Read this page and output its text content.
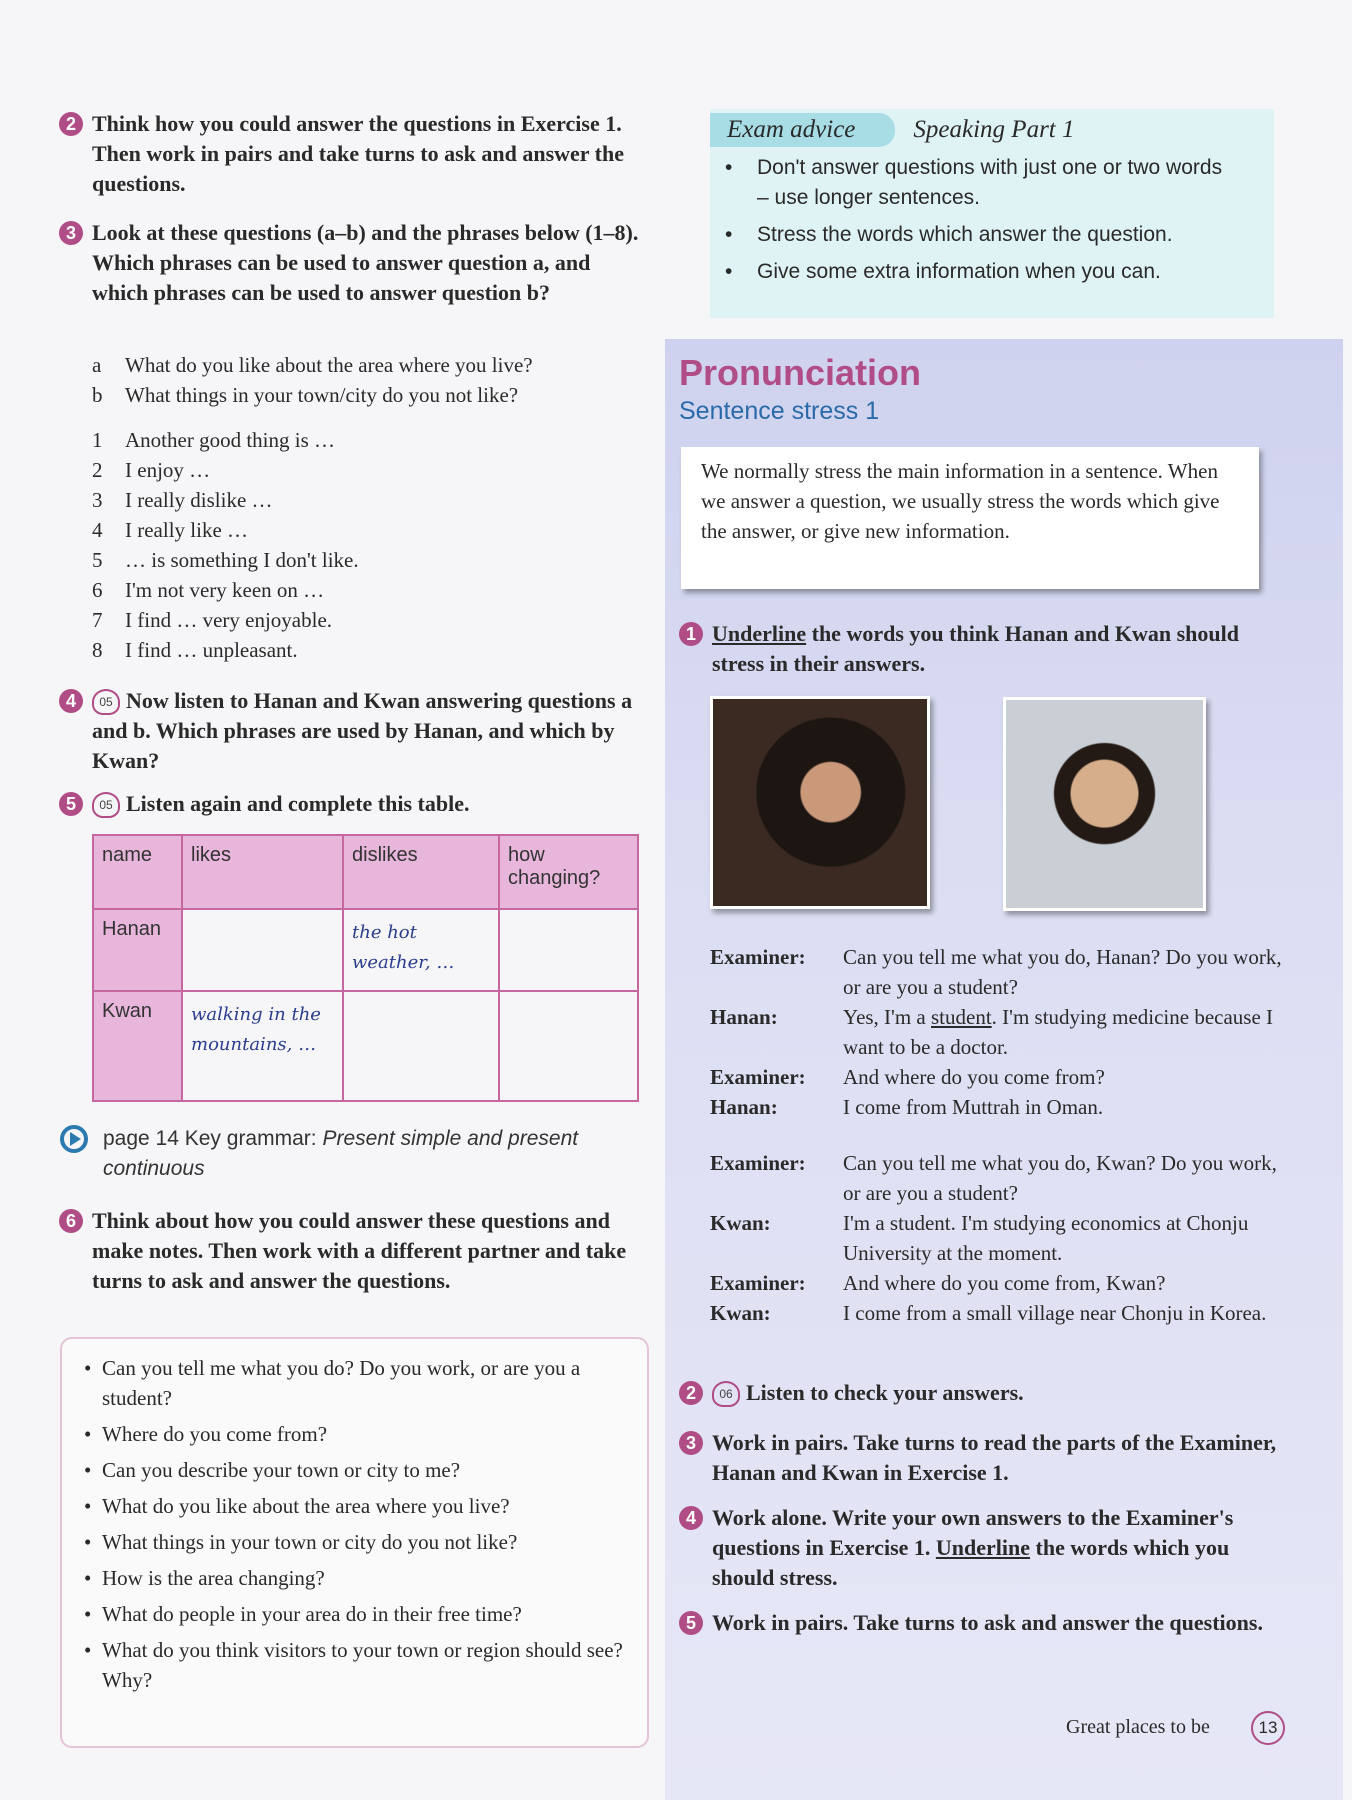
2 Think how you could answer the questions in Exercise 1. Then work in pairs and take turns to ask and answer the questions.
3 Look at these questions (a–b) and the phrases below (1–8). Which phrases can be used to answer question a, and which phrases can be used to answer question b?
a	What do you like about the area where you live?
b	What things in your town/city do you not like?
1	Another good thing is …
2	I enjoy …
3	I really dislike …
4	I really like …
5	… is something I don't like.
6	I'm not very keen on …
7	I find … very enjoyable.
8	I find … unpleasant.
4	05 Now listen to Hanan and Kwan answering questions a and b. Which phrases are used by Hanan, and which by Kwan?
5	05 Listen again and complete this table.
name	likes	dislikes	how changing?
Hanan		the hot weather, …	
Kwan	walking in the mountains, …		
page 14 Key grammar: Present simple and present continuous
6 Think about how you could answer these questions and make notes. Then work with a different partner and take turns to ask and answer the questions.
• Can you tell me what you do? Do you work, or are you a student?
• Where do you come from?
• Can you describe your town or city to me?
• What do you like about the area where you live?
• What things in your town or city do you not like?
• How is the area changing?
• What do people in your area do in their free time?
• What do you think visitors to your town or region should see? Why?
Exam advice	Speaking Part 1
• Don't answer questions with just one or two words – use longer sentences.
• Stress the words which answer the question.
• Give some extra information when you can.
Pronunciation
Sentence stress 1
We normally stress the main information in a sentence. When we answer a question, we usually stress the words which give the answer, or give new information.
1 Underline the words you think Hanan and Kwan should stress in their answers.
Examiner:	Can you tell me what you do, Hanan? Do you work, or are you a student?
Hanan:	Yes, I'm a student. I'm studying medicine because I want to be a doctor.
Examiner:	And where do you come from?
Hanan:	I come from Muttrah in Oman.
Examiner:	Can you tell me what you do, Kwan? Do you work, or are you a student?
Kwan:	I'm a student. I'm studying economics at Chonju University at the moment.
Examiner:	And where do you come from, Kwan?
Kwan:	I come from a small village near Chonju in Korea.
2	06 Listen to check your answers.
3 Work in pairs. Take turns to read the parts of the Examiner, Hanan and Kwan in Exercise 1.
4 Work alone. Write your own answers to the Examiner's questions in Exercise 1. Underline the words which you should stress.
5 Work in pairs. Take turns to ask and answer the questions.
Great places to be	13
